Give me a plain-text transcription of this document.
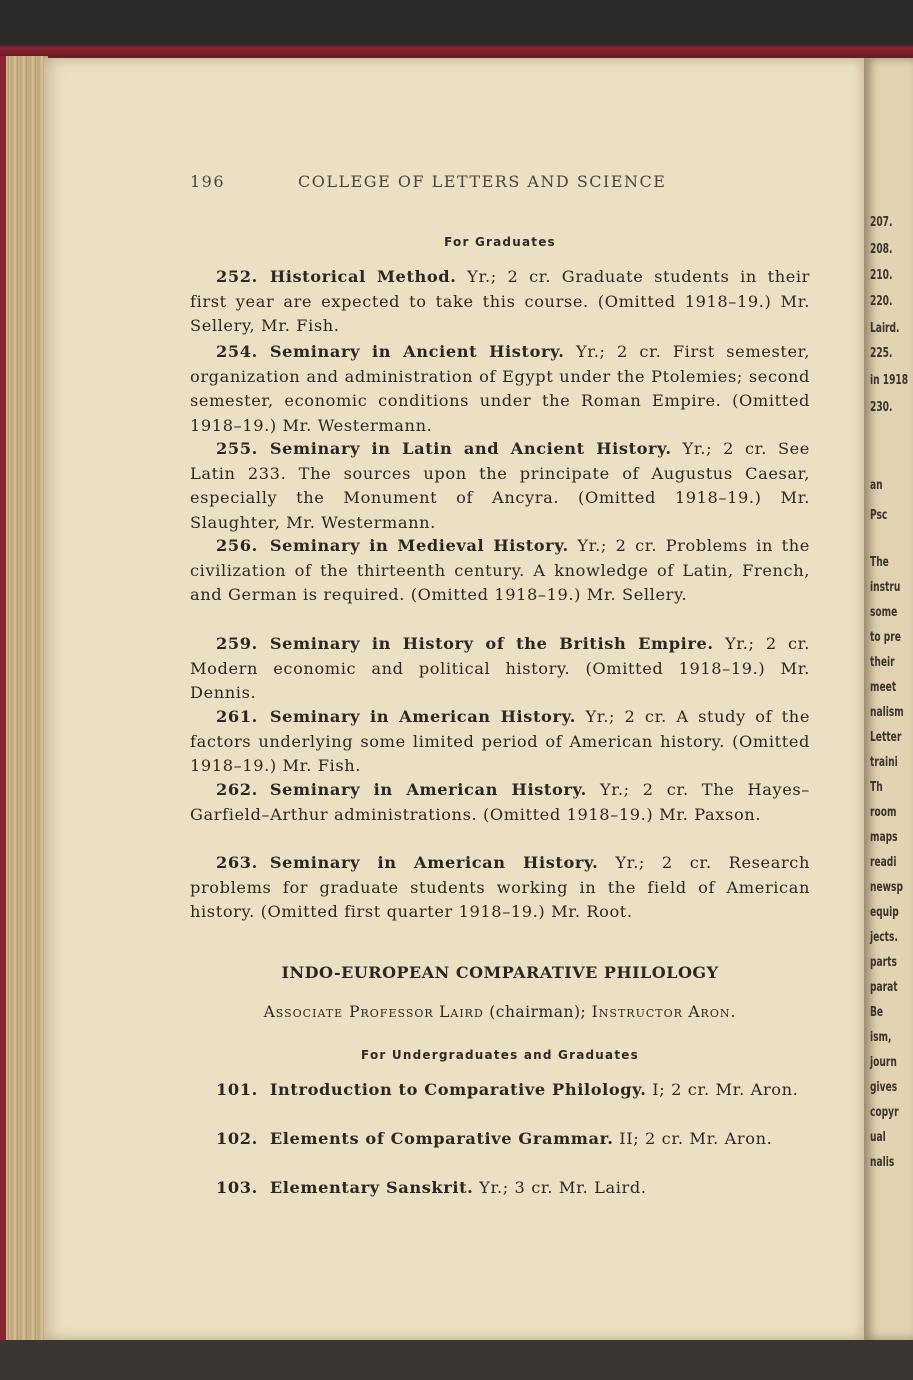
207.
208.
210.
220.
Laird.
225.
in 1918
230.
an
Psc
The
instru
some
to pre
their
meet
nalism
Letter
traini
Th
room
maps
readi
newsp
equip
jects.
parts
parat
Be
ism,
journ
gives
copyr
ual
nalis
196	COLLEGE OF LETTERS AND SCIENCE
For Graduates
252. Historical Method. Yr.; 2 cr. Graduate students in their first year are expected to take this course. (Omitted 1918–19.) Mr. Sellery, Mr. Fish.
254. Seminary in Ancient History. Yr.; 2 cr. First semester, organization and administration of Egypt under the Ptolemies; second semester, economic conditions under the Roman Empire. (Omitted 1918–19.) Mr. Westermann.
255. Seminary in Latin and Ancient History. Yr.; 2 cr. See Latin 233. The sources upon the principate of Augustus Caesar, especially the Monument of Ancyra. (Omitted 1918–19.) Mr. Slaughter, Mr. Westermann.
256. Seminary in Medieval History. Yr.; 2 cr. Problems in the civilization of the thirteenth century. A knowledge of Latin, French, and German is required. (Omitted 1918–19.) Mr. Sellery.
259. Seminary in History of the British Empire. Yr.; 2 cr. Modern economic and political history. (Omitted 1918–19.) Mr. Dennis.
261. Seminary in American History. Yr.; 2 cr. A study of the factors underlying some limited period of American history. (Omitted 1918–19.) Mr. Fish.
262. Seminary in American History. Yr.; 2 cr. The Hayes–Garfield–Arthur administrations. (Omitted 1918–19.) Mr. Paxson.
263. Seminary in American History. Yr.; 2 cr. Research problems for graduate students working in the field of American history. (Omitted first quarter 1918–19.) Mr. Root.
INDO-EUROPEAN COMPARATIVE PHILOLOGY
Associate Professor Laird (chairman); Instructor Aron.
For Undergraduates and Graduates
101. Introduction to Comparative Philology. I; 2 cr. Mr. Aron.
102. Elements of Comparative Grammar. II; 2 cr. Mr. Aron.
103. Elementary Sanskrit. Yr.; 3 cr. Mr. Laird.
